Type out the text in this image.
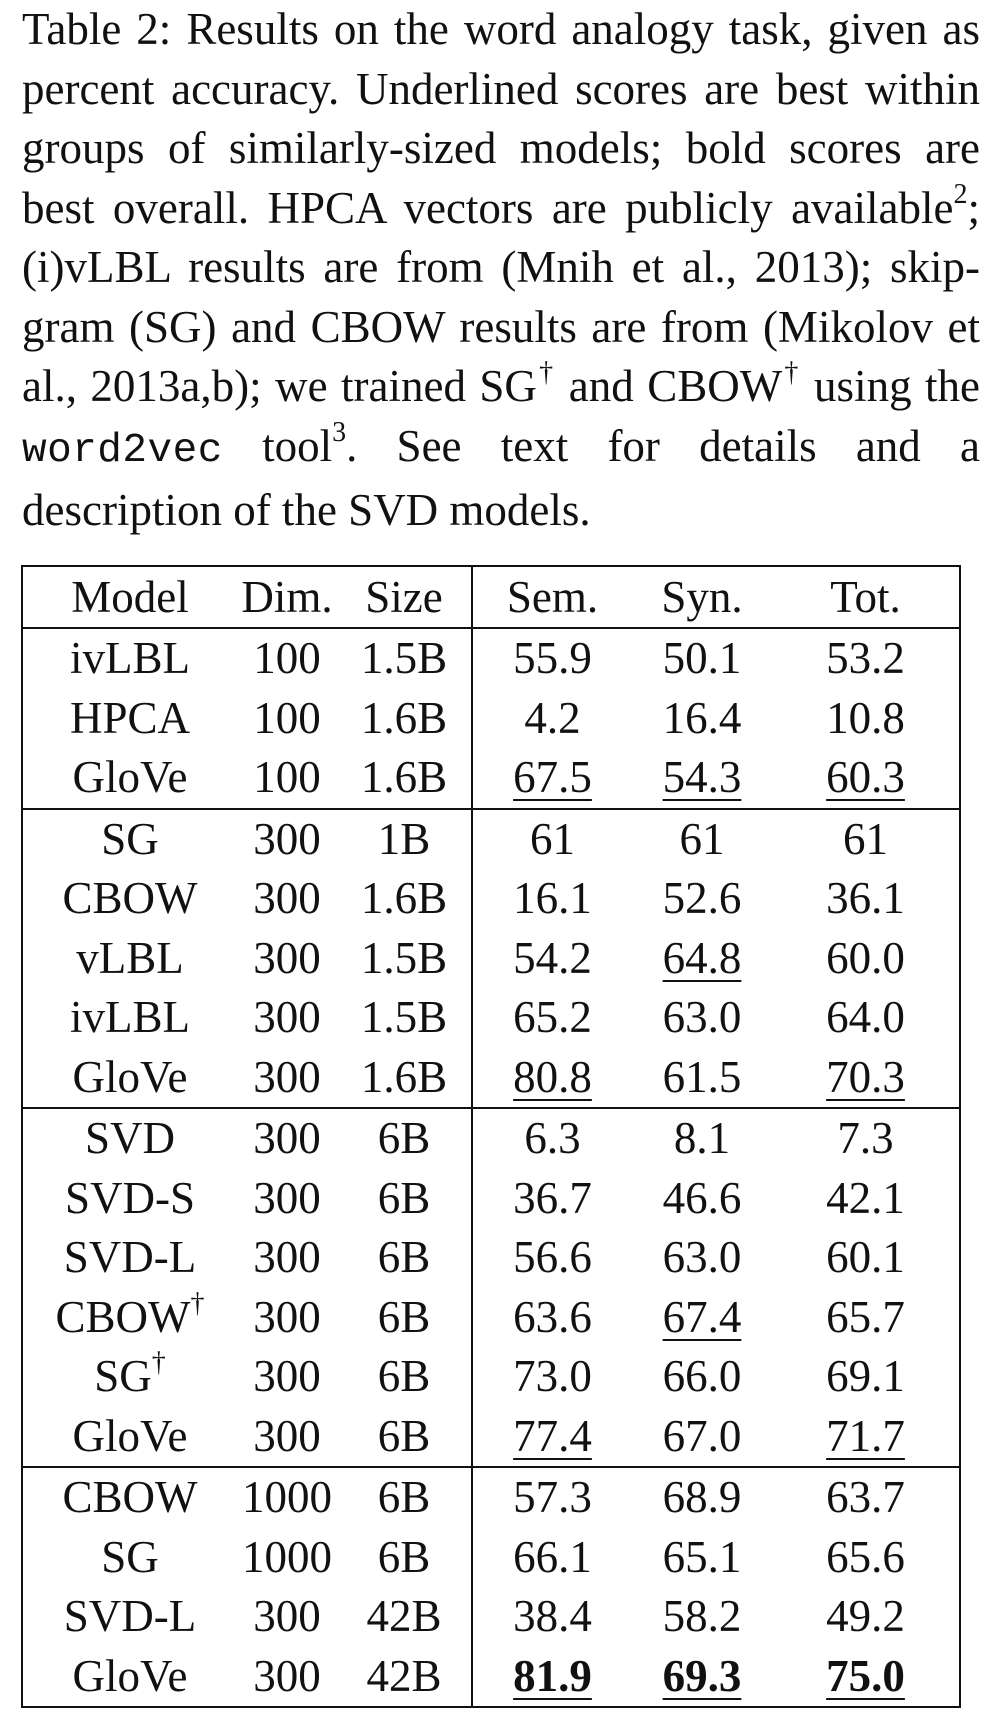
Table 2: Results on the word analogy task, given as percent accuracy. Underlined scores are best within groups of similarly-sized models; bold scores are best overall. HPCA vectors are publicly available$^2$; (i)vLBL results are from (Mnih et al., 2013); skip-gram (SG) and CBOW results are from (Mikolov et al., 2013a,b); we trained SG† and CBOW† using the word2vec tool$^3$. See text for details and a description of the SVD models.

Model	Dim.	Size	Sem.	Syn.	Tot.
ivLBL	100	1.5B	55.9	50.1	53.2
HPCA	100	1.6B	4.2	16.4	10.8
GloVe	100	1.6B	67.5	54.3	60.3
SG	300	1B	61	61	61
CBOW	300	1.6B	16.1	52.6	36.1
vLBL	300	1.5B	54.2	64.8	60.0
ivLBL	300	1.5B	65.2	63.0	64.0
GloVe	300	1.6B	80.8	61.5	70.3
SVD	300	6B	6.3	8.1	7.3
SVD-S	300	6B	36.7	46.6	42.1
SVD-L	300	6B	56.6	63.0	60.1
CBOW†	300	6B	63.6	67.4	65.7
SG†	300	6B	73.0	66.0	69.1
GloVe	300	6B	77.4	67.0	71.7
CBOW	1000	6B	57.3	68.9	63.7
SG	1000	6B	66.1	65.1	65.6
SVD-L	300	42B	38.4	58.2	49.2
GloVe	300	42B	81.9	69.3	75.0
